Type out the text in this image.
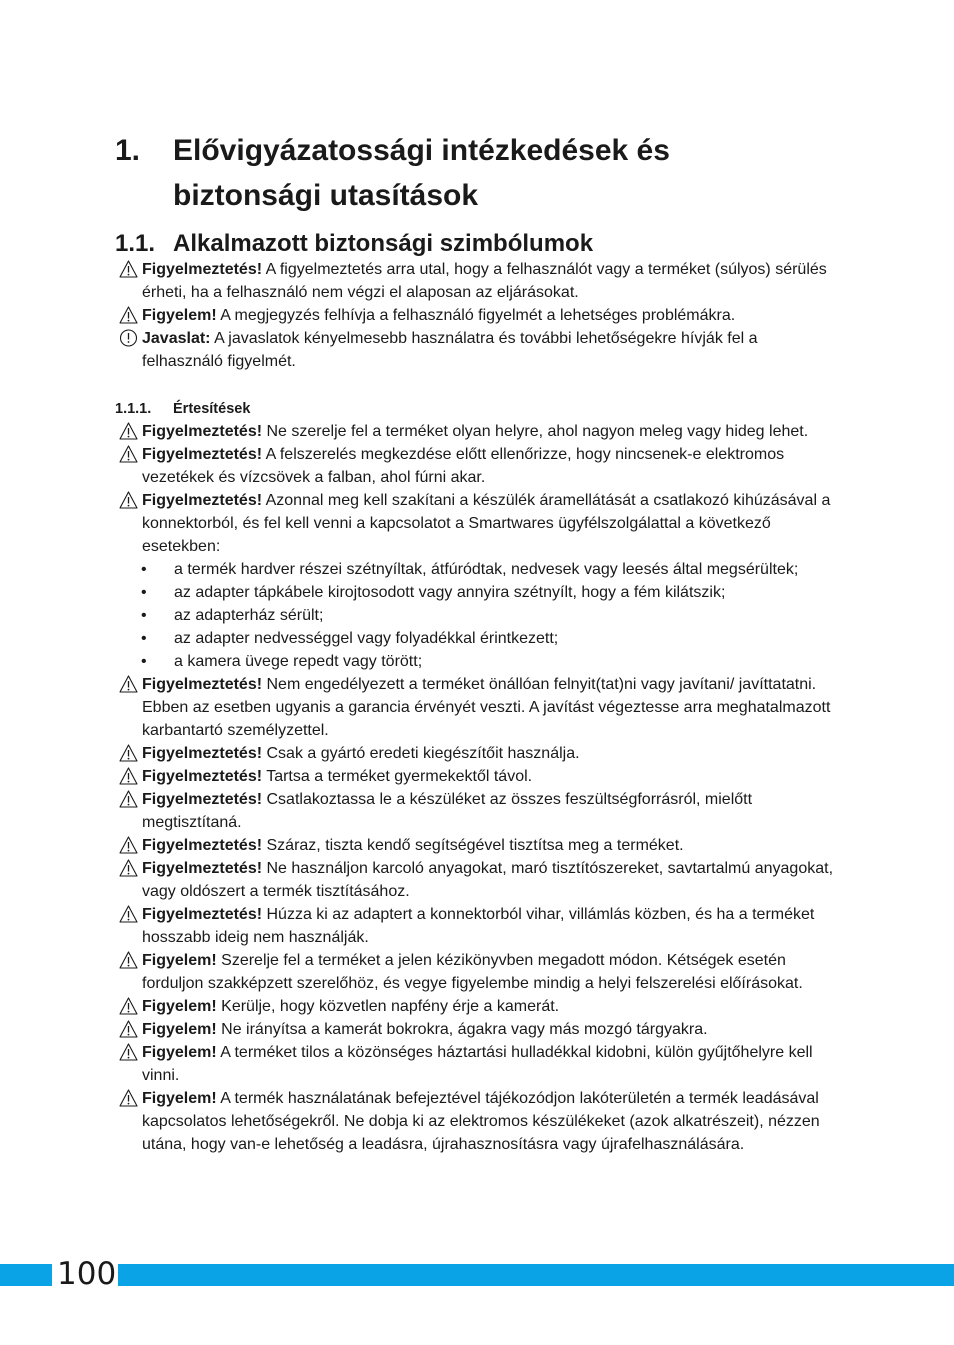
1.	Elővigyázatossági intézkedések és
biztonsági utasítások
1.1. Alkalmazott biztonsági szimbólumok
Figyelmeztetés! A figyelmeztetés arra utal, hogy a felhasználót vagy a terméket (súlyos) sérülés érheti, ha a felhasználó nem végzi el alaposan az eljárásokat.
Figyelem! A megjegyzés felhívja a felhasználó figyelmét a lehetséges problémákra.
Javaslat: A javaslatok kényelmesebb használatra és további lehetőségekre hívják fel a felhasználó figyelmét.
1.1.1.	Értesítések
Figyelmeztetés! Ne szerelje fel a terméket olyan helyre, ahol nagyon meleg vagy hideg lehet.
Figyelmeztetés! A felszerelés megkezdése előtt ellenőrizze, hogy nincsenek-e elektromos vezetékek és vízcsövek a falban, ahol fúrni akar.
Figyelmeztetés! Azonnal meg kell szakítani a készülék áramellátását a csatlakozó kihúzásával a konnektorból, és fel kell venni a kapcsolatot a Smartwares ügyfélszolgálattal a következő esetekben:
• a termék hardver részei szétnyíltak, átfúródtak, nedvesek vagy leesés által megsérültek;
• az adapter tápkábele kirojtosodott vagy annyira szétnyílt, hogy a fém kilátszik;
• az adapterház sérült;
• az adapter nedvességgel vagy folyadékkal érintkezett;
• a kamera üvege repedt vagy törött;
Figyelmeztetés! Nem engedélyezett a terméket önállóan felnyit(tat)ni vagy javítani/ javíttatatni. Ebben az esetben ugyanis a garancia érvényét veszti. A javítást végeztesse arra meghatalmazott karbantartó személyzettel.
Figyelmeztetés! Csak a gyártó eredeti kiegészítőit használja.
Figyelmeztetés! Tartsa a terméket gyermekektől távol.
Figyelmeztetés! Csatlakoztassa le a készüléket az összes feszültségforrásról, mielőtt megtisztítaná.
Figyelmeztetés! Száraz, tiszta kendő segítségével tisztítsa meg a terméket.
Figyelmeztetés! Ne használjon karcoló anyagokat, maró tisztítószereket, savtartalmú anyagokat, vagy oldószert a termék tisztításához.
Figyelmeztetés! Húzza ki az adaptert a konnektorból vihar, villámlás közben, és ha a terméket hosszabb ideig nem használják.
Figyelem! Szerelje fel a terméket a jelen kézikönyvben megadott módon. Kétségek esetén forduljon szakképzett szerelőhöz, és vegye figyelembe mindig a helyi felszerelési előírásokat.
Figyelem! Kerülje, hogy közvetlen napfény érje a kamerát.
Figyelem! Ne irányítsa a kamerát bokrokra, ágakra vagy más mozgó tárgyakra.
Figyelem! A terméket tilos a közönséges háztartási hulladékkal kidobni, külön gyűjtőhelyre kell vinni.
Figyelem! A termék használatának befejeztével tájékozódjon lakóterületén a termék leadásával kapcsolatos lehetőségekről. Ne dobja ki az elektromos készülékeket (azok alkatrészeit), nézzen utána, hogy van-e lehetőség a leadásra, újrahasznosításra vagy újrafelhasználására.
100
